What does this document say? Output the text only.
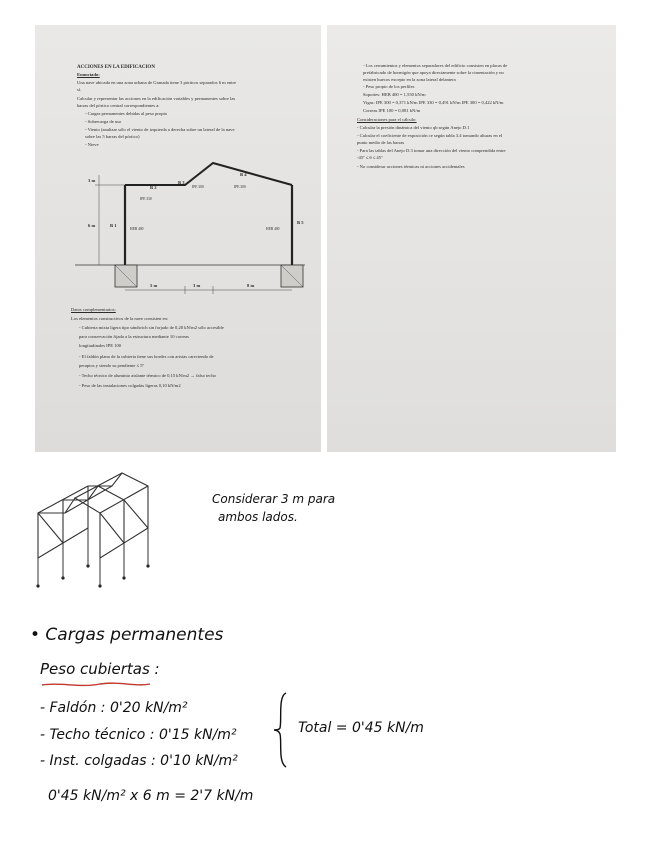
ACCIONES EN LA EDIFICACION
Enunciado:
Una nave ubicada en una zona urbana de Granada tiene 3 pórticos separados 6 m entre
sí.
Calcular y representar las acciones en la edificación variables y permanentes sobre las
barras del pórtico central correspondientes a:
- Cargas permanentes debidas al peso propio
- Sobrecarga de uso
- Viento (analizar sólo el viento de izquierda a derecha sobre un lateral de la nave
sobre las 5 barras del pórtico)
- Nieve
3 m
6 m	B 1
B 2
B 3
B 4
B 5
IPE 330
IPE 300	IPE 300
HEB 400	HEB 400
5 m	3 m	8 m
Datos complementarios:
Los elementos constructivos de la nave consisten en:
- Cubierta mixta ligera tipo sándwich sin forjado de 0,20 kN/m2 sólo accesible
para conservación fijada a la estructura mediante 10 correas
longitudinales IPE 100
- El faldón plano de la cubierta tiene sus bordes con aristas careciendo de
peraptos y siendo su pendiente ≤ 5º
- Techo técnico de aluminio aislante térmico de 0,15 kN/m2 → falso techo
- Peso de las instalaciones colgadas ligeras 0,10 kN/m2
- Los cerramientos y elementos separadores del edificio consisten en placas de
prefabricado de hormigón que apoya directamente sobre la cimentación y no
existen huecos excepto en la zona lateral delantera
- Peso propio de los perfiles
Soportes: HEB 400 = 1,550 kN/m
Vigas: IPE 300 = 0,371 kN/m IPE 330 = 0,491 kN/m IPE 300 = 0,422 kN/m
Correas IPE 100 = 0,081 kN/m
Consideraciones para el cálculo:
- Calcular la presión dinámica del viento qb según Anejo D.1
- Calcular el coeficiente de exposición ce según tabla 3.4 tomando alturas en el
punto medio de las barras
- Para las tablas del Anejo D.3 tomar una dirección del viento comprendida entre
-45º ≤ θ ≤ 45º
- No considerar acciones térmicas ni acciones accidentales
Considerar 3 m para
ambos lados.
• Cargas permanentes
Peso cubiertas :
- Faldón : 0'20 kN/m²
- Techo técnico : 0'15 kN/m²
- Inst. colgadas : 0'10 kN/m²
Total = 0'45 kN/m
0'45 kN/m² x 6 m = 2'7 kN/m
